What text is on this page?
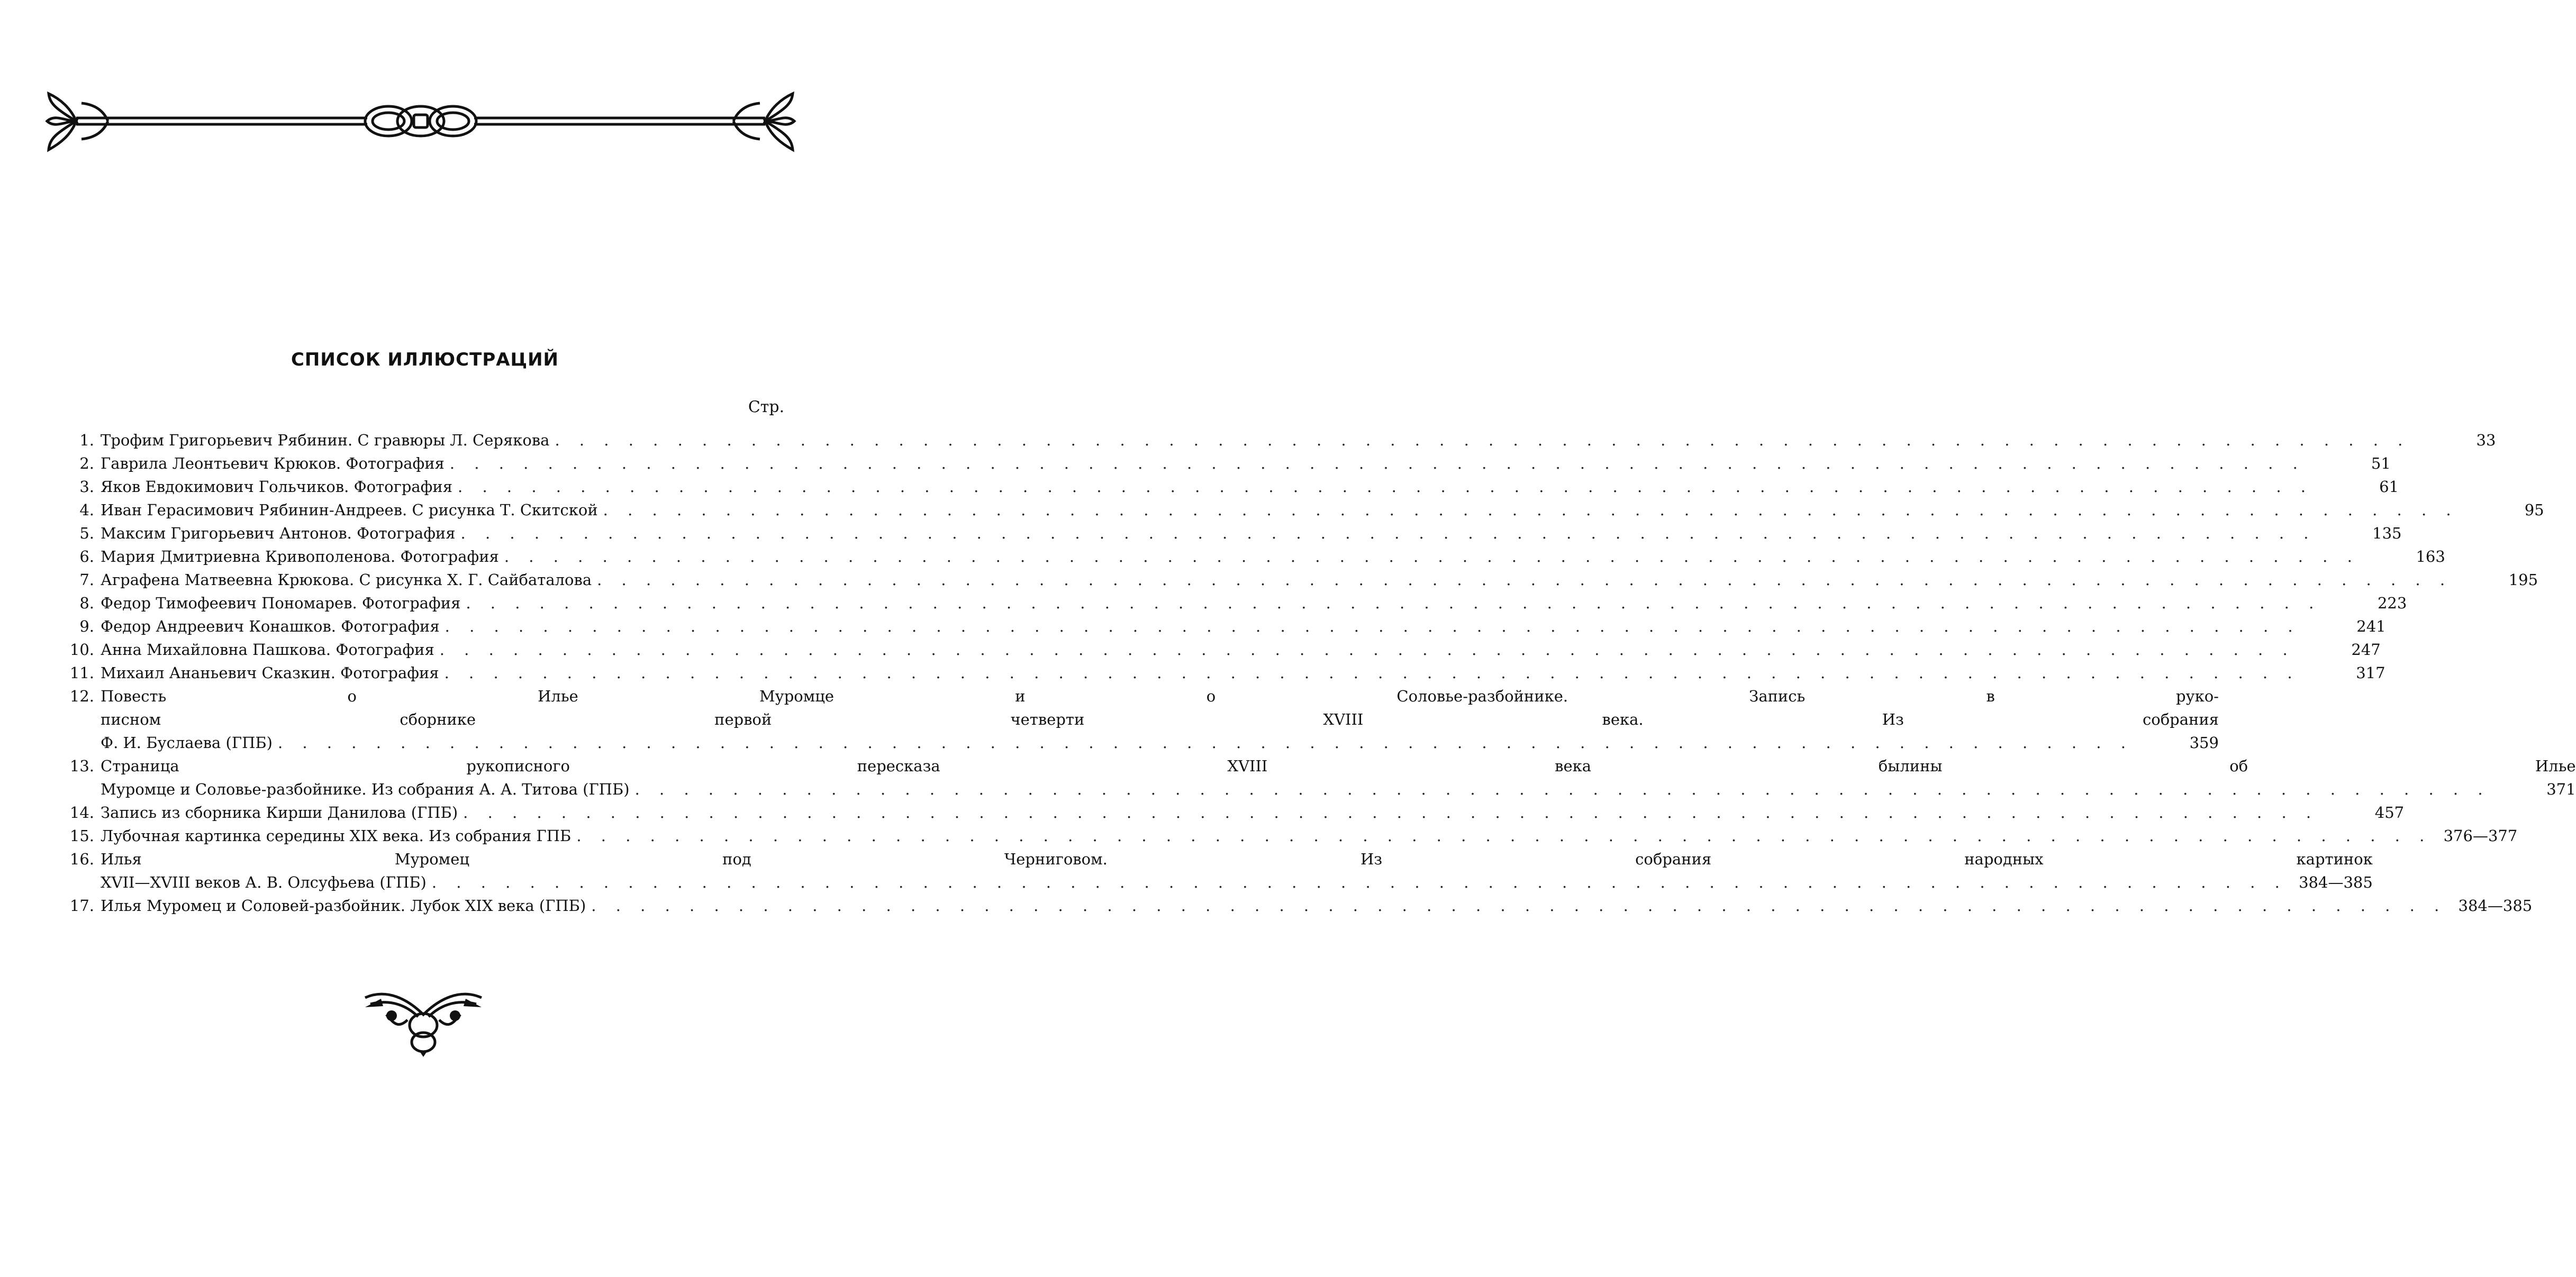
СПИСОК ИЛЛЮСТРАЦИЙ
Стр.
1. Трофим Григорьевич Рябинин. С гравюры Л. Серякова . . .	33
2. Гаврила Леонтьевич Крюков. Фотография . . .	51
3. Яков Евдокимович Гольчиков. Фотография . . .	61
4. Иван Герасимович Рябинин-Андреев. С рисунка Т. Скитской . . .	95
5. Максим Григорьевич Антонов. Фотография . . .	135
6. Мария Дмитриевна Кривополенова. Фотография . . .	163
7. Аграфена Матвеевна Крюкова. С рисунка Х. Г. Сайбаталова . . .	195
8. Федор Тимофеевич Пономарев. Фотография . . .	223
9. Федор Андреевич Конашков. Фотография . . .	241
10. Анна Михайловна Пашкова. Фотография . . .	247
11. Михаил Ананьевич Сказкин. Фотография . . .	317
12. Повесть о Илье Муромце и о Соловье-разбойнике. Запись в руко-
писном сборнике первой четверти XVIII века. Из собрания
Ф. И. Буслаева (ГПБ) . . .	359
13. Страница рукописного пересказа XVIII века былины об Илье
Муромце и Соловье-разбойнике. Из собрания А. А. Титова (ГПБ) . . .	371
14. Запись из сборника Кирши Данилова (ГПБ) . . .	457
15. Лубочная картинка середины XIX века. Из собрания ГПБ . . .	376—377
16. Илья Муромец под Черниговом. Из собрания народных картинок
XVII—XVIII веков А. В. Олсуфьева (ГПБ) . . .	384—385
17. Илья Муромец и Соловей-разбойник. Лубок XIX века (ГПБ) . . .	384—385
